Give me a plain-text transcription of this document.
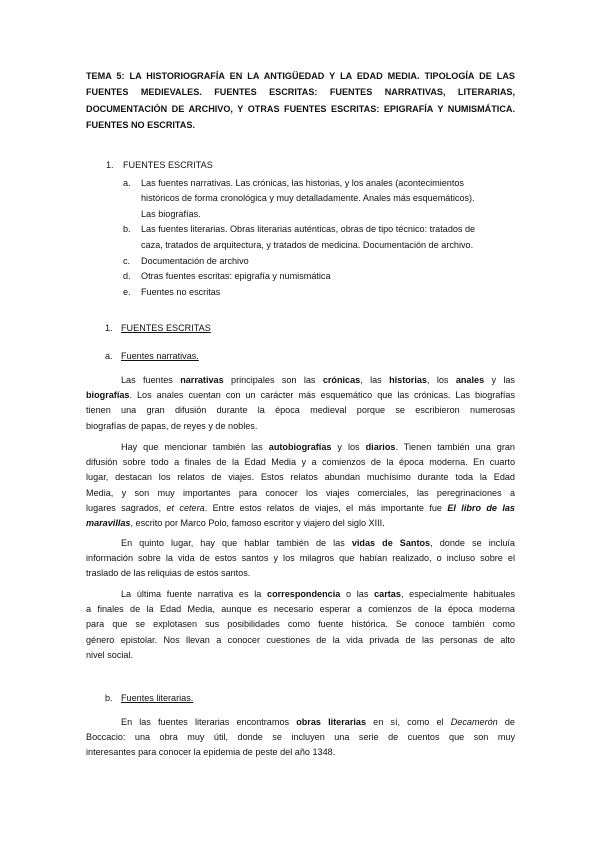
TEMA 5: LA HISTORIOGRAFÍA EN LA ANTIGÜEDAD Y LA EDAD MEDIA. TIPOLOGÍA DE LAS
FUENTES MEDIEVALES. FUENTES ESCRITAS: FUENTES NARRATIVAS, LITERARIAS,
DOCUMENTACIÓN DE ARCHIVO, Y OTRAS FUENTES ESCRITAS: EPIGRAFÍA Y NUMISMÁTICA.
FUENTES NO ESCRITAS.
1. FUENTES ESCRITAS
a. Las fuentes narrativas. Las crónicas, las historias, y los anales (acontecimientos
históricos de forma cronológica y muy detalladamente. Anales más esquemáticos).
Las biografías.
b. Las fuentes literarias. Obras literarias auténticas, obras de tipo técnico: tratados de
caza, tratados de arquitectura, y tratados de medicina. Documentación de archivo.
c. Documentación de archivo
d. Otras fuentes escritas: epigrafía y numismática
e. Fuentes no escritas
1. FUENTES ESCRITAS
a. Fuentes narrativas.
Las fuentes narrativas principales son las crónicas, las historias, los anales y las
biografías. Los anales cuentan con un carácter más esquemático que las crónicas. Las biografías
tienen una gran difusión durante la época medieval porque se escribieron numerosas
biografías de papas, de reyes y de nobles.
Hay que mencionar también las autobiografías y los diarios. Tienen también una gran
difusión sobre todo a finales de la Edad Media y a comienzos de la época moderna. En cuarto
lugar, destacan los relatos de viajes. Estos relatos abundan muchísimo durante toda la Edad
Media, y son muy importantes para conocer los viajes comerciales, las peregrinaciones a
lugares sagrados, et cetera. Entre estos relatos de viajes, el más importante fue El libro de las
maravillas, escrito por Marco Polo, famoso escritor y viajero del siglo XIII.
En quinto lugar, hay que hablar también de las vidas de Santos, donde se incluía
información sobre la vida de estos santos y los milagros que habían realizado, o incluso sobre el
traslado de las reliquias de estos santos.
La última fuente narrativa es la correspondencia o las cartas, especialmente habituales
a finales de la Edad Media, aunque es necesario esperar a comienzos de la época moderna
para que se explotasen sus posibilidades como fuente histórica. Se conoce también como
género epistolar. Nos llevan a conocer cuestiones de la vida privada de las personas de alto
nivel social.
b. Fuentes literarias.
En las fuentes literarias encontramos obras literarias en sí, como el Decamerón de
Boccacio: una obra muy útil, donde se incluyen una serie de cuentos que son muy
interesantes para conocer la epidemia de peste del año 1348.
